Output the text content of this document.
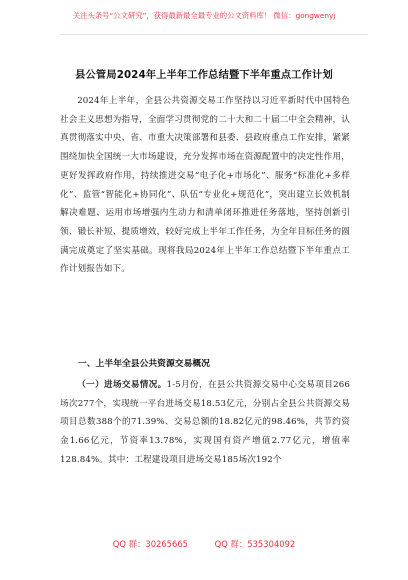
关注头条号“公文研究”，获得最新最全最专业的公文资料库！ 微信：gongwenyj
县公管局2024年上半年工作总结暨下半年重点工作计划

2024年上半年，全县公共资源交易工作坚持以习近平新时代中国特色社会主义思想为指导，全面学习贯彻党的二十大和二十届二中全会精神，认真贯彻落实中央、省、市重大决策部署和县委、县政府重点工作安排，紧紧围绕加快全国统一大市场建设，充分发挥市场在资源配置中的决定性作用，更好发挥政府作用，持续推进交易“电子化+市场化”、服务“标准化+多样化”、监管“智能化+协同化”、队伍“专业化+规范化”，突出建立长效机制解决难题、运用市场增强内生动力和清单闭环推进任务落地，坚持创新引领、锻长补短、提质增效，较好完成上半年工作任务，为全年目标任务的圆满完成奠定了坚实基础。现将我局2024年上半年工作总结暨下半年重点工作计划报告如下。

一、上半年全县公共资源交易概况

（一）进场交易情况。1-5月份，在县公共资源交易中心交易项目266场次277个，实现统一平台进场交易18.53亿元，分别占全县公共资源交易项目总数388个的71.39%、交易总额的18.82亿元的98.46%，共节约资金1.66亿元，节资率13.78%，实现国有资产增值2.77亿元，增值率128.84%。其中：工程建设项目进场交易185场次192个

QQ 群：30265665	QQ 群：535304092
